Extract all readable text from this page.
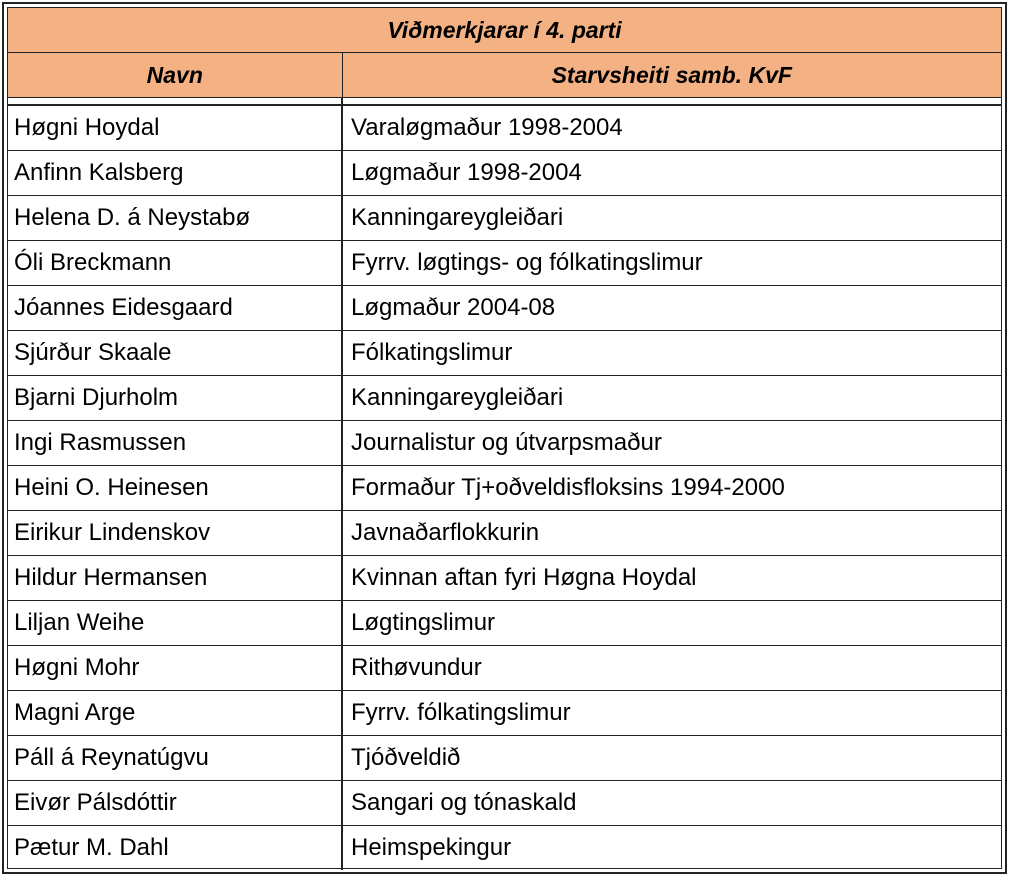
Viðmerkjarar í 4. parti	
Navn	Starvsheiti samb. KvF

Høgni Hoydal	Varaløgmaður 1998-2004
Anfinn Kalsberg	Løgmaður 1998-2004
Helena D. á Neystabø	Kanningareygleiðari
Óli Breckmann	Fyrrv. løgtings- og fólkatingslimur
Jóannes Eidesgaard	Løgmaður 2004-08
Sjúrður Skaale	Fólkatingslimur
Bjarni Djurholm	Kanningareygleiðari
Ingi Rasmussen	Journalistur og útvarpsmaður
Heini O. Heinesen	Formaður Tj+oðveldisfloksins 1994-2000
Eirikur Lindenskov	Javnaðarflokkurin
Hildur Hermansen	Kvinnan aftan fyri Høgna Hoydal
Liljan Weihe	Løgtingslimur
Høgni Mohr	Rithøvundur
Magni Arge	Fyrrv. fólkatingslimur
Páll á Reynatúgvu	Tjóðveldið
Eivør Pálsdóttir	Sangari og tónaskald
Pætur M. Dahl	Heimspekingur
